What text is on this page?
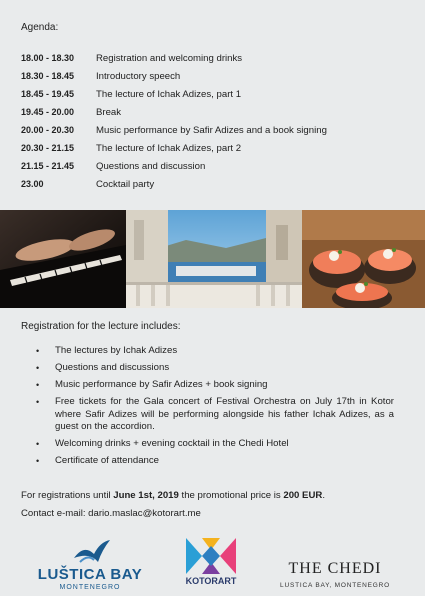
Agenda:
18.00 - 18.30 Registration and welcoming drinks
18.30 - 18.45 Introductory speech
18.45 - 19.45 The lecture of Ichak Adizes, part 1
19.45 - 20.00 Break
20.00 - 20.30 Music performance by Safir Adizes and a book signing
20.30 - 21.15 The lecture of Ichak Adizes, part 2
21.15 - 21.45 Questions and discussion
23.00	Cocktail party
Registration for the lecture includes:
• The lectures by Ichak Adizes
• Questions and discussions
• Music performance by Safir Adizes + book signing
• Free tickets for the Gala concert of Festival Orchestra on July 17th in Kotor where Safir Adizes will be performing alongside his father Ichak Adizes, as a guest on the accordion.
• Welcoming drinks + evening cocktail in the Chedi Hotel
• Certificate of attendance
For registrations until June 1st, 2019 the promotional price is 200 EUR.
Contact e-mail: dario.maslac@kotorart.me
LUŠTICA BAY
MONTENEGRO
KOTORART
THE CHEDI
LUSTICA BAY, MONTENEGRO
